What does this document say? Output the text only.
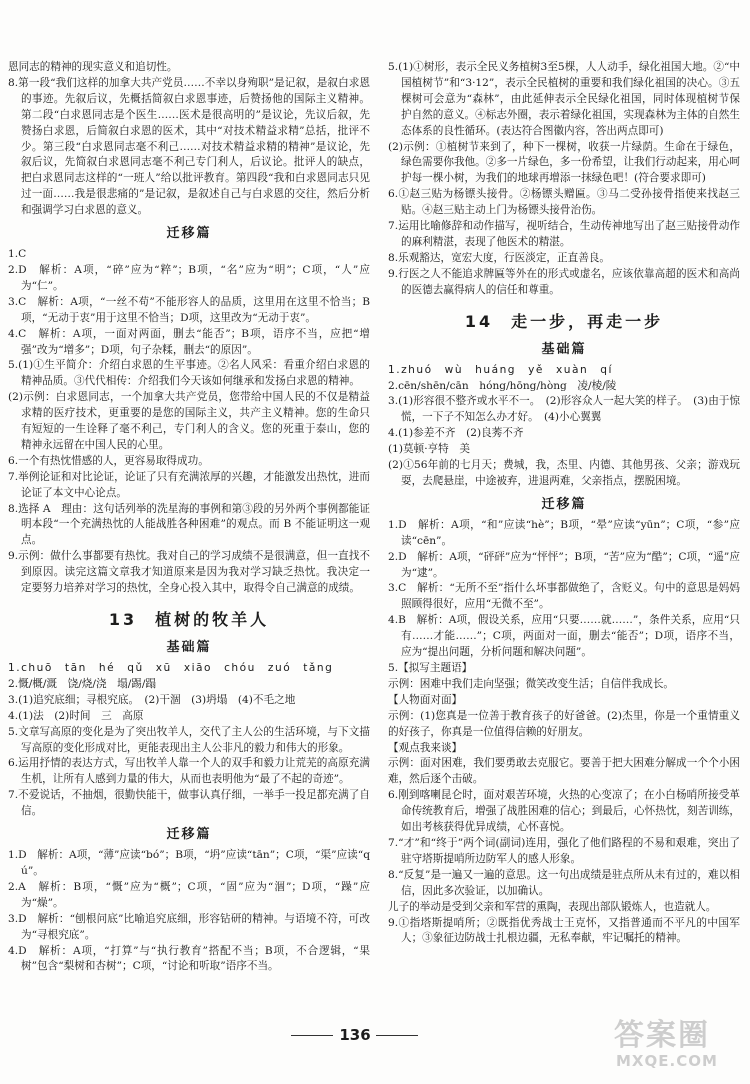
恩同志的精神的现实意义和追切性。

8.第一段“我们这样的加拿大共产党员……不幸以身殉职”是记叙，是叙白求恩的事迹。先叙后议，先概括简叙白求恩事迹，后赞扬他的国际主义精神。第二段“白求恩同志是个医生……医术是很高明的”是议论，先议后叙，先赞扬白求恩，后简叙白求恩的医术，其中“对技术精益求精”总括，批评不少。第三段“白求恩同志毫不利己……对技术精益求精的精神”是议论，先叙后议，先简叙白求恩同志毫不利己专门利人，后议论。批评人的缺点，把白求恩同志这样的“一班人”给以批评教育。第四段“我和白求恩同志只见过一面……我是很悲痛的”是记叙，是叙述自己与白求恩的交往，然后分析和强调学习白求恩的意义。

迁移篇

1.C

2.D　解析：A项，“碎”应为“粹”；B项，“名”应为“明”；C项，“人”应为“仁”。

3.C　解析：A项，“一丝不苟”不能形容人的品质，这里用在这里不恰当；B项，“无动于衷”用于这里不恰当；D项，这里改为“无动于衷”。

4.C　解析：A项，一面对两面，删去“能否”；B项，语序不当，应把“增强”改为“增多”；D项，句子杂糅，删去“的原因”。

5.(1)①生平简介：介绍白求恩的生平事迹。②名人风采：看重介绍白求恩的精神品质。③代代相传：介绍我们今天该如何继承和发扬白求恩的精神。

(2)示例：白求恩同志，一个加拿大共产党员，您带给中国人民的不仅是精益求精的医疗技术，更重要的是您的国际主义，共产主义精神。您的生命只有短短的一生诠释了毫不利己，专门利人的含义。您的死重于泰山，您的精神永远留在中国人民的心里。

6.一个有热忱惜感的人，更容易取得成功。

7.举例论证和对比论证，论证了只有充满浓厚的兴趣，才能激发出热忱，进而论证了本文中心论点。

8.选择 A　理由：这句话列举的洗星海的事例和第③段的另外两个事例都能证明本段“一个充满热忱的人能战胜各种困难”的观点。而 B 不能证明这一观点。

9.示例：做什么事都要有热忱。我对自己的学习成绩不是很满意，但一直找不到原因。读完这篇文章我才知道原来是因为我对学习缺乏热忱。我决定一定要努力培养对学习的热忱，全身心投入其中，取得令自己满意的成绩。

13 植树的牧羊人
基础篇

1.chuō　tān　hé　qǔ　xū　xiāo　chóu　zuó　tǎng

2.慨/概/溉　饶/烧/浇　塌/踢/蹋

3.(1)追究底细；寻根究底。　(2)干涸　(3)坍塌　(4)不毛之地

4.(1)法　(2)时间　三　高原

5.文章写高原的变化是为了突出牧羊人，交代了主人公的生活环境，与下文描写高原的变化形成对比，更能表现出主人公非凡的毅力和伟大的形象。

6.运用抒情的表达方式，写出牧羊人靠一个人的双手和毅力让荒芜的高原充满生机，让所有人感到力量的伟大，从而也表明他为“最了不起的奇迹”。

7.不爱说话，不抽烟，很勤快能干，做事认真仔细，一举手一投足都充满了自信。

迁移篇

1.D　解析：A项，“薄”应读“bó”；B项，“坍”应读“tān”；C项，“渠”应读“qú”。

2.A　解析：B项，“慨”应为“概”；C项，“固”应为“涸”；D项，“躁”应为“燥”。

3.D　解析：“刨根问底”比喻追究底细，形容钻研的精神。与语境不符，可改为“寻根究底”。

4.D　解析：A项，“打算”与“执行教育”搭配不当；B项，不合逻辑，“果树”包含“梨树和杏树”；C项，“讨论和听取”语序不当。

5.(1)①树形，表示全民义务植树3至5棵，人人动手，绿化祖国大地。②“中国植树节”和“3·12”，表示全民植树的重要和我们绿化祖国的决心。③五棵树可会意为“森林”，由此延伸表示全民绿化祖国，同时体现植树节保护自然的意义。④标志外圈，表示着绿化祖国，实现森林为主体的自然生态体系的良性循环。(表达符合图徽内容，答出两点即可)

(2)示例：①植树节来到了，种下一棵树，收获一片绿荫。生命在于绿色，绿色需要你我他。②多一片绿色，多一份希望，让我们行动起来，用心呵护每一棵小树，为我们的地球再增添一抹绿色吧！(符合要求即可)

6.①赵三贴为杨镖头接骨。②杨镖头赠匾。③马二受孙接骨指使来找赵三贴。④赵三贴主动上门为杨镖头接骨治伤。

7.运用比喻修辞和动作描写，视听结合，生动传神地写出了赵三贴接骨动作的麻利精湛，表现了他医术的精湛。

8.乐观豁达，宽宏大度，行医淡定，正直善良。

9.行医之人不能追求牌匾等外在的形式或虚名，应该依靠高超的医术和高尚的医德去赢得病人的信任和尊重。

14 走一步，再走一步
基础篇

1.zhuó　wù　huáng　yě　xuàn　qí

2.cēn/shēn/cān　hóng/hōng/hòng　凌/棱/陵

3.(1)形容很不整齐或水平不一。　(2)形容众人一起大笑的样子。　(3)由于惊慌，一下子不知怎么办才好。　(4)小心翼翼

4.(1)参差不齐　(2)良莠不齐

(1)莫顿·亨特　美

(2)①56年前的七月天；费城，我，杰里、内德、其他男孩、父亲；游戏玩耍，去爬悬崖，中途被弃，进退两难，父亲指点，摆脱困境。

迁移篇

1.D　解析：A项，“和”应读“hè”；B项，“晕”应读“yūn”；C项，“参”应读“cēn”。

2.D　解析：A项，“砰砰”应为“怦怦”；B项，“苦”应为“酷”；C项，“遥”应为“逮”。

3.C　解析：“无所不至”指什么坏事都做绝了，含贬义。句中的意思是妈妈照顾得很好，应用“无微不至”。

4.B　解析：A项，假设关系，应用“只要……就……”，条件关系，应用“只有……才能……”；C项，两面对一面，删去“能否”；D项，语序不当，应为“提出问题，分析问题和解决问题”。

5.【拟写主题语】

示例：困难中我们走向坚强；微笑改变生活；自信伴我成长。

【人物面对面】

示例：(1)您真是一位善于教育孩子的好爸爸。(2)杰里，你是一个重情重义的好孩子，你真是一位值得信赖的好朋友。

【观点我来谈】

示例：面对困难，我们要勇敢去克服它。要善于把大困难分解成一个个小困难，然后逐个击破。

6.刚到喀喇昆仑时，面对艰苦环境，火热的心变凉了；在小白杨哨所接受革命传统教育后，增强了战胜困难的信心；到最后，心怀热忱，刻苦训练，如出考核获得优异成绩，心怀喜悦。

7.“才”和“终于”两个词(副词)连用，强化了他们路程的不易和艰难，突出了驻守塔斯提哨所边防军人的感人形象。

8.“反复”是一遍又一遍的意思。这一句出成绩是驻点所从未有过的，难以相信，因此多次验证，以加确认。

儿子的举动是受到父亲和军营的熏陶，表现出部队锻炼人，也造就人。

9.①指塔斯提哨所；②既指优秀战士王克怀，又指普通而不平凡的中国军人；③象征边防战士扎根边疆，无私奉献，牢记嘱托的精神。

136	答案圈
MXQE.COM
